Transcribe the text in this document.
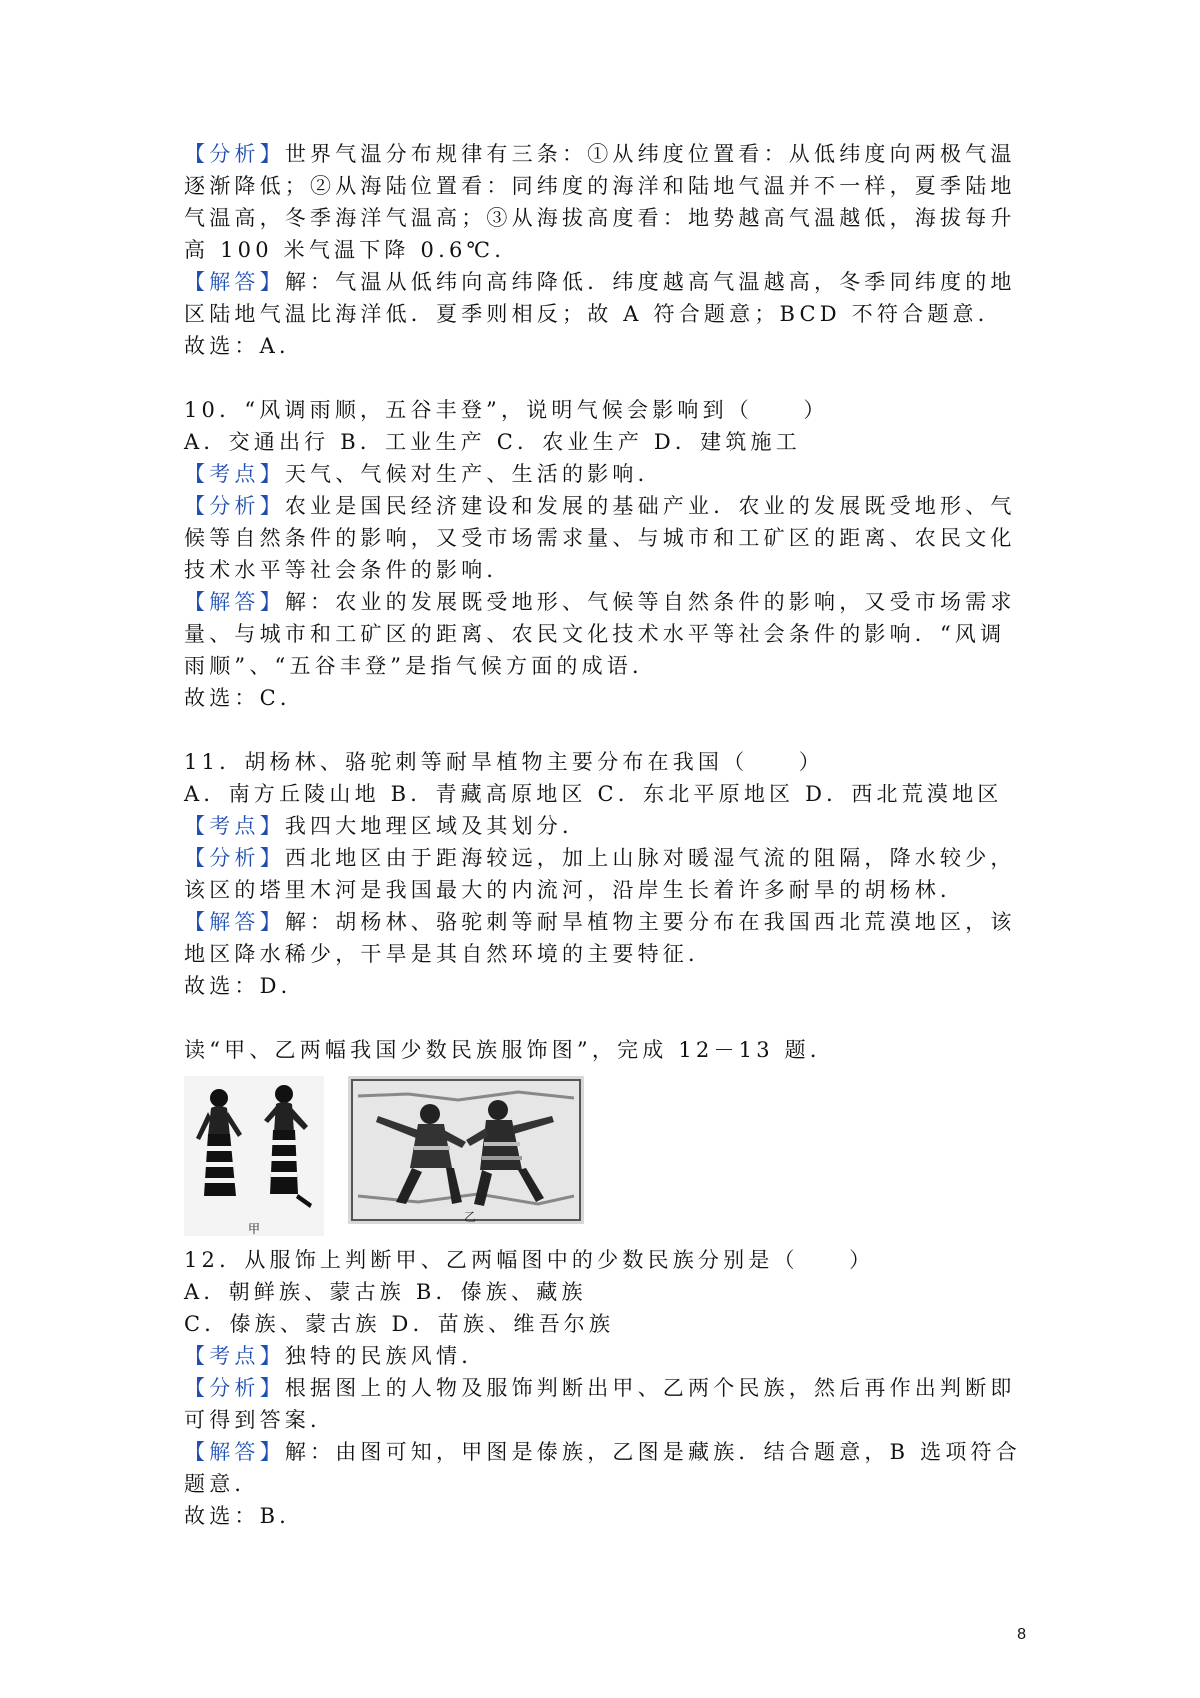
【分析】世界气温分布规律有三条：①从纬度位置看：从低纬度向两极气温
逐渐降低；②从海陆位置看：同纬度的海洋和陆地气温并不一样，夏季陆地
气温高，冬季海洋气温高；③从海拔高度看：地势越高气温越低，海拔每升
高 100 米气温下降 0.6℃.
【解答】解：气温从低纬向高纬降低．纬度越高气温越高，冬季同纬度的地
区陆地气温比海洋低．夏季则相反；故 A 符合题意；BCD 不符合题意．
故选：A．
10．“风调雨顺，五谷丰登”，说明气候会影响到（　　）
A．交通出行 B．工业生产 C．农业生产 D．建筑施工
【考点】天气、气候对生产、生活的影响．
【分析】农业是国民经济建设和发展的基础产业．农业的发展既受地形、气
候等自然条件的影响，又受市场需求量、与城市和工矿区的距离、农民文化
技术水平等社会条件的影响．
【解答】解：农业的发展既受地形、气候等自然条件的影响，又受市场需求
量、与城市和工矿区的距离、农民文化技术水平等社会条件的影响．“风调
雨顺”、“五谷丰登”是指气候方面的成语．
故选：C．
11．胡杨林、骆驼刺等耐旱植物主要分布在我国（　　）
A．南方丘陵山地 B．青藏高原地区 C．东北平原地区 D．西北荒漠地区
【考点】我四大地理区域及其划分．
【分析】西北地区由于距海较远，加上山脉对暖湿气流的阻隔，降水较少，
该区的塔里木河是我国最大的内流河，沿岸生长着许多耐旱的胡杨林．
【解答】解：胡杨林、骆驼刺等耐旱植物主要分布在我国西北荒漠地区，该
地区降水稀少，干旱是其自然环境的主要特征．
故选：D．
读“甲、乙两幅我国少数民族服饰图”，完成 12－13 题．
甲
乙
12．从服饰上判断甲、乙两幅图中的少数民族分别是（　　）
A．朝鲜族、蒙古族 B．傣族、藏族
C．傣族、蒙古族 D．苗族、维吾尔族
【考点】独特的民族风情．
【分析】根据图上的人物及服饰判断出甲、乙两个民族，然后再作出判断即
可得到答案．
【解答】解：由图可知，甲图是傣族，乙图是藏族．结合题意，B 选项符合
题意．
故选：B．
8
